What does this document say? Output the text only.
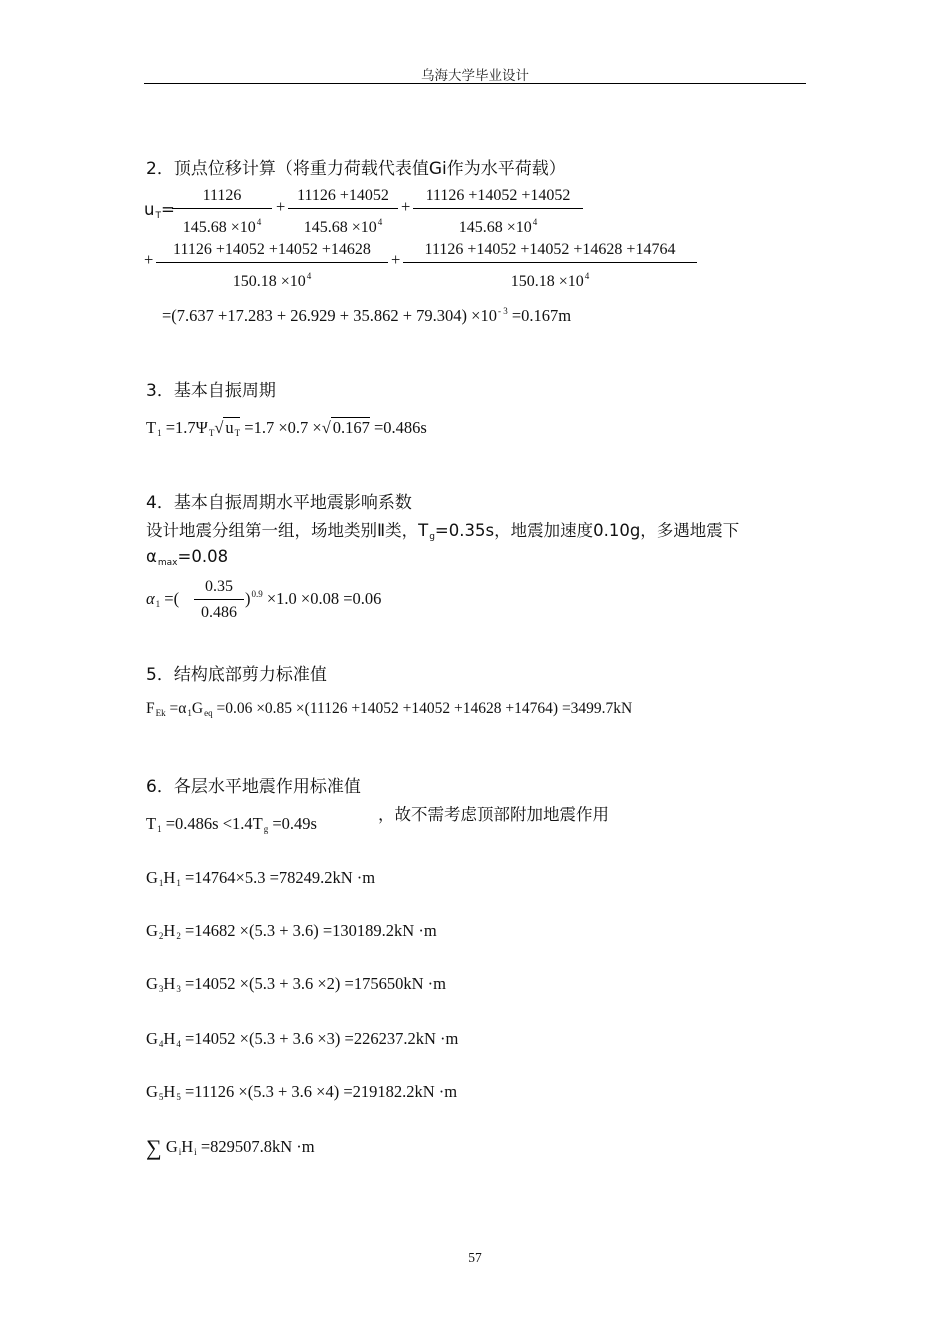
乌海大学毕业设计
2．顶点位移计算（将重力荷载代表值Gi作为水平荷载）
$u_T=$
11126
$145.68 \times 10^4$
+
11126 +14052
$145.68 \times 10^4$
+
11126 +14052 +14052
$145.68 \times 10^4$
+
11126 +14052 +14052 +14628
$150.18 \times 10^4$
+
11126 +14052 +14052 +14628 +14764
$150.18 \times 10^4$
$=(7.637 +17.283 + 26.929 + 35.862 + 79.304) \times 10^{- 3} =0.167m$
3．基本自振周期
$T_1 =1.7\Psi_T√$ $u_T =1.7 \times 0.7$ ×√ 0.167 =0.486s
4．基本自振周期水平地震影响系数
设计地震分组第一组，场地类别Ⅱ类，$T_g=0.35s$，地震加速度0.10g，多遇地震下
$\alpha_{max}=0.08$
$\alpha_1$ =(
0.35
0.486
)$^{0.9}$ ×1.0 ×0.08 =0.06
5．结构底部剪力标准值
$F_{Ek} =\alpha_1G_{eq} =0.06 \times 0.85 \times(11126 +14052 +14052 +14628 +14764) =3499.7kN$
6．各层水平地震作用标准值
$T_1 =0.486s <1.4T_g =0.49s$	，故不需考虑顶部附加地震作用
$G_1H_1 =14764\times 5.3 =78249.2kN \cdot m$
$G_2H_2 =14682 \times(5.3 + 3.6) =130189.2kN \cdot m$
$G_3H_3 =14052 \times(5.3 + 3.6 \times 2) =175650kN \cdot m$
$G_4H_4 =14052 \times(5.3 + 3.6 \times 3) =226237.2kN \cdot m$
$G_5H_5 =11126 \times(5.3 + 3.6 \times 4) =219182.2kN \cdot m$
∑ $G_iH_i =829507.8kN \cdot m$
57
